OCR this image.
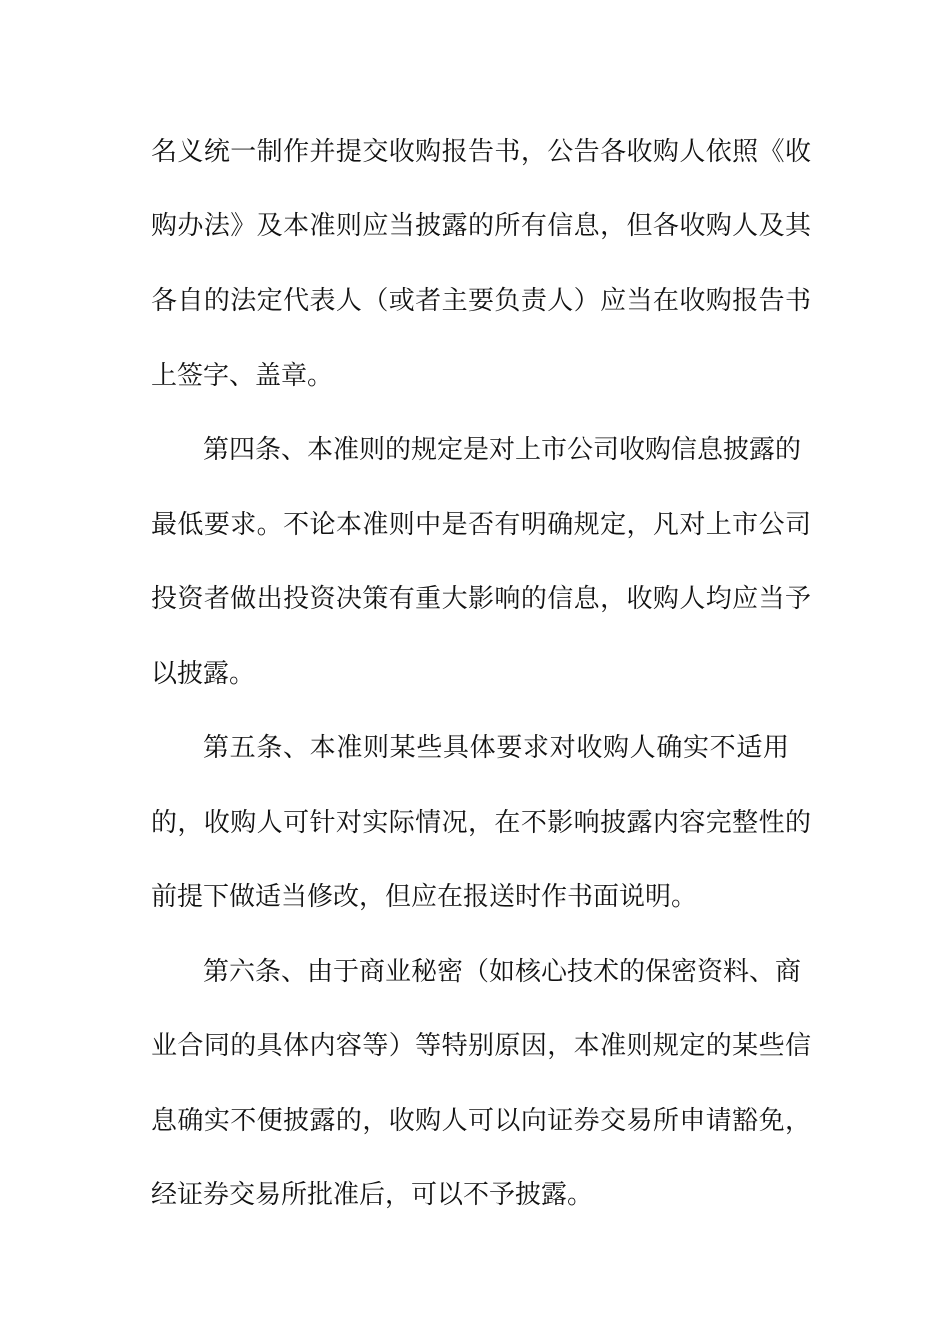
名义统一制作并提交收购报告书，公告各收购人依照《收
购办法》及本准则应当披露的所有信息，但各收购人及其
各自的法定代表人（或者主要负责人）应当在收购报告书
上签字、盖章。
第四条、本准则的规定是对上市公司收购信息披露的
最低要求。不论本准则中是否有明确规定，凡对上市公司
投资者做出投资决策有重大影响的信息，收购人均应当予
以披露。
第五条、本准则某些具体要求对收购人确实不适用
的，收购人可针对实际情况，在不影响披露内容完整性的
前提下做适当修改，但应在报送时作书面说明。
第六条、由于商业秘密（如核心技术的保密资料、商
业合同的具体内容等）等特别原因，本准则规定的某些信
息确实不便披露的，收购人可以向证券交易所申请豁免，
经证券交易所批准后，可以不予披露。
